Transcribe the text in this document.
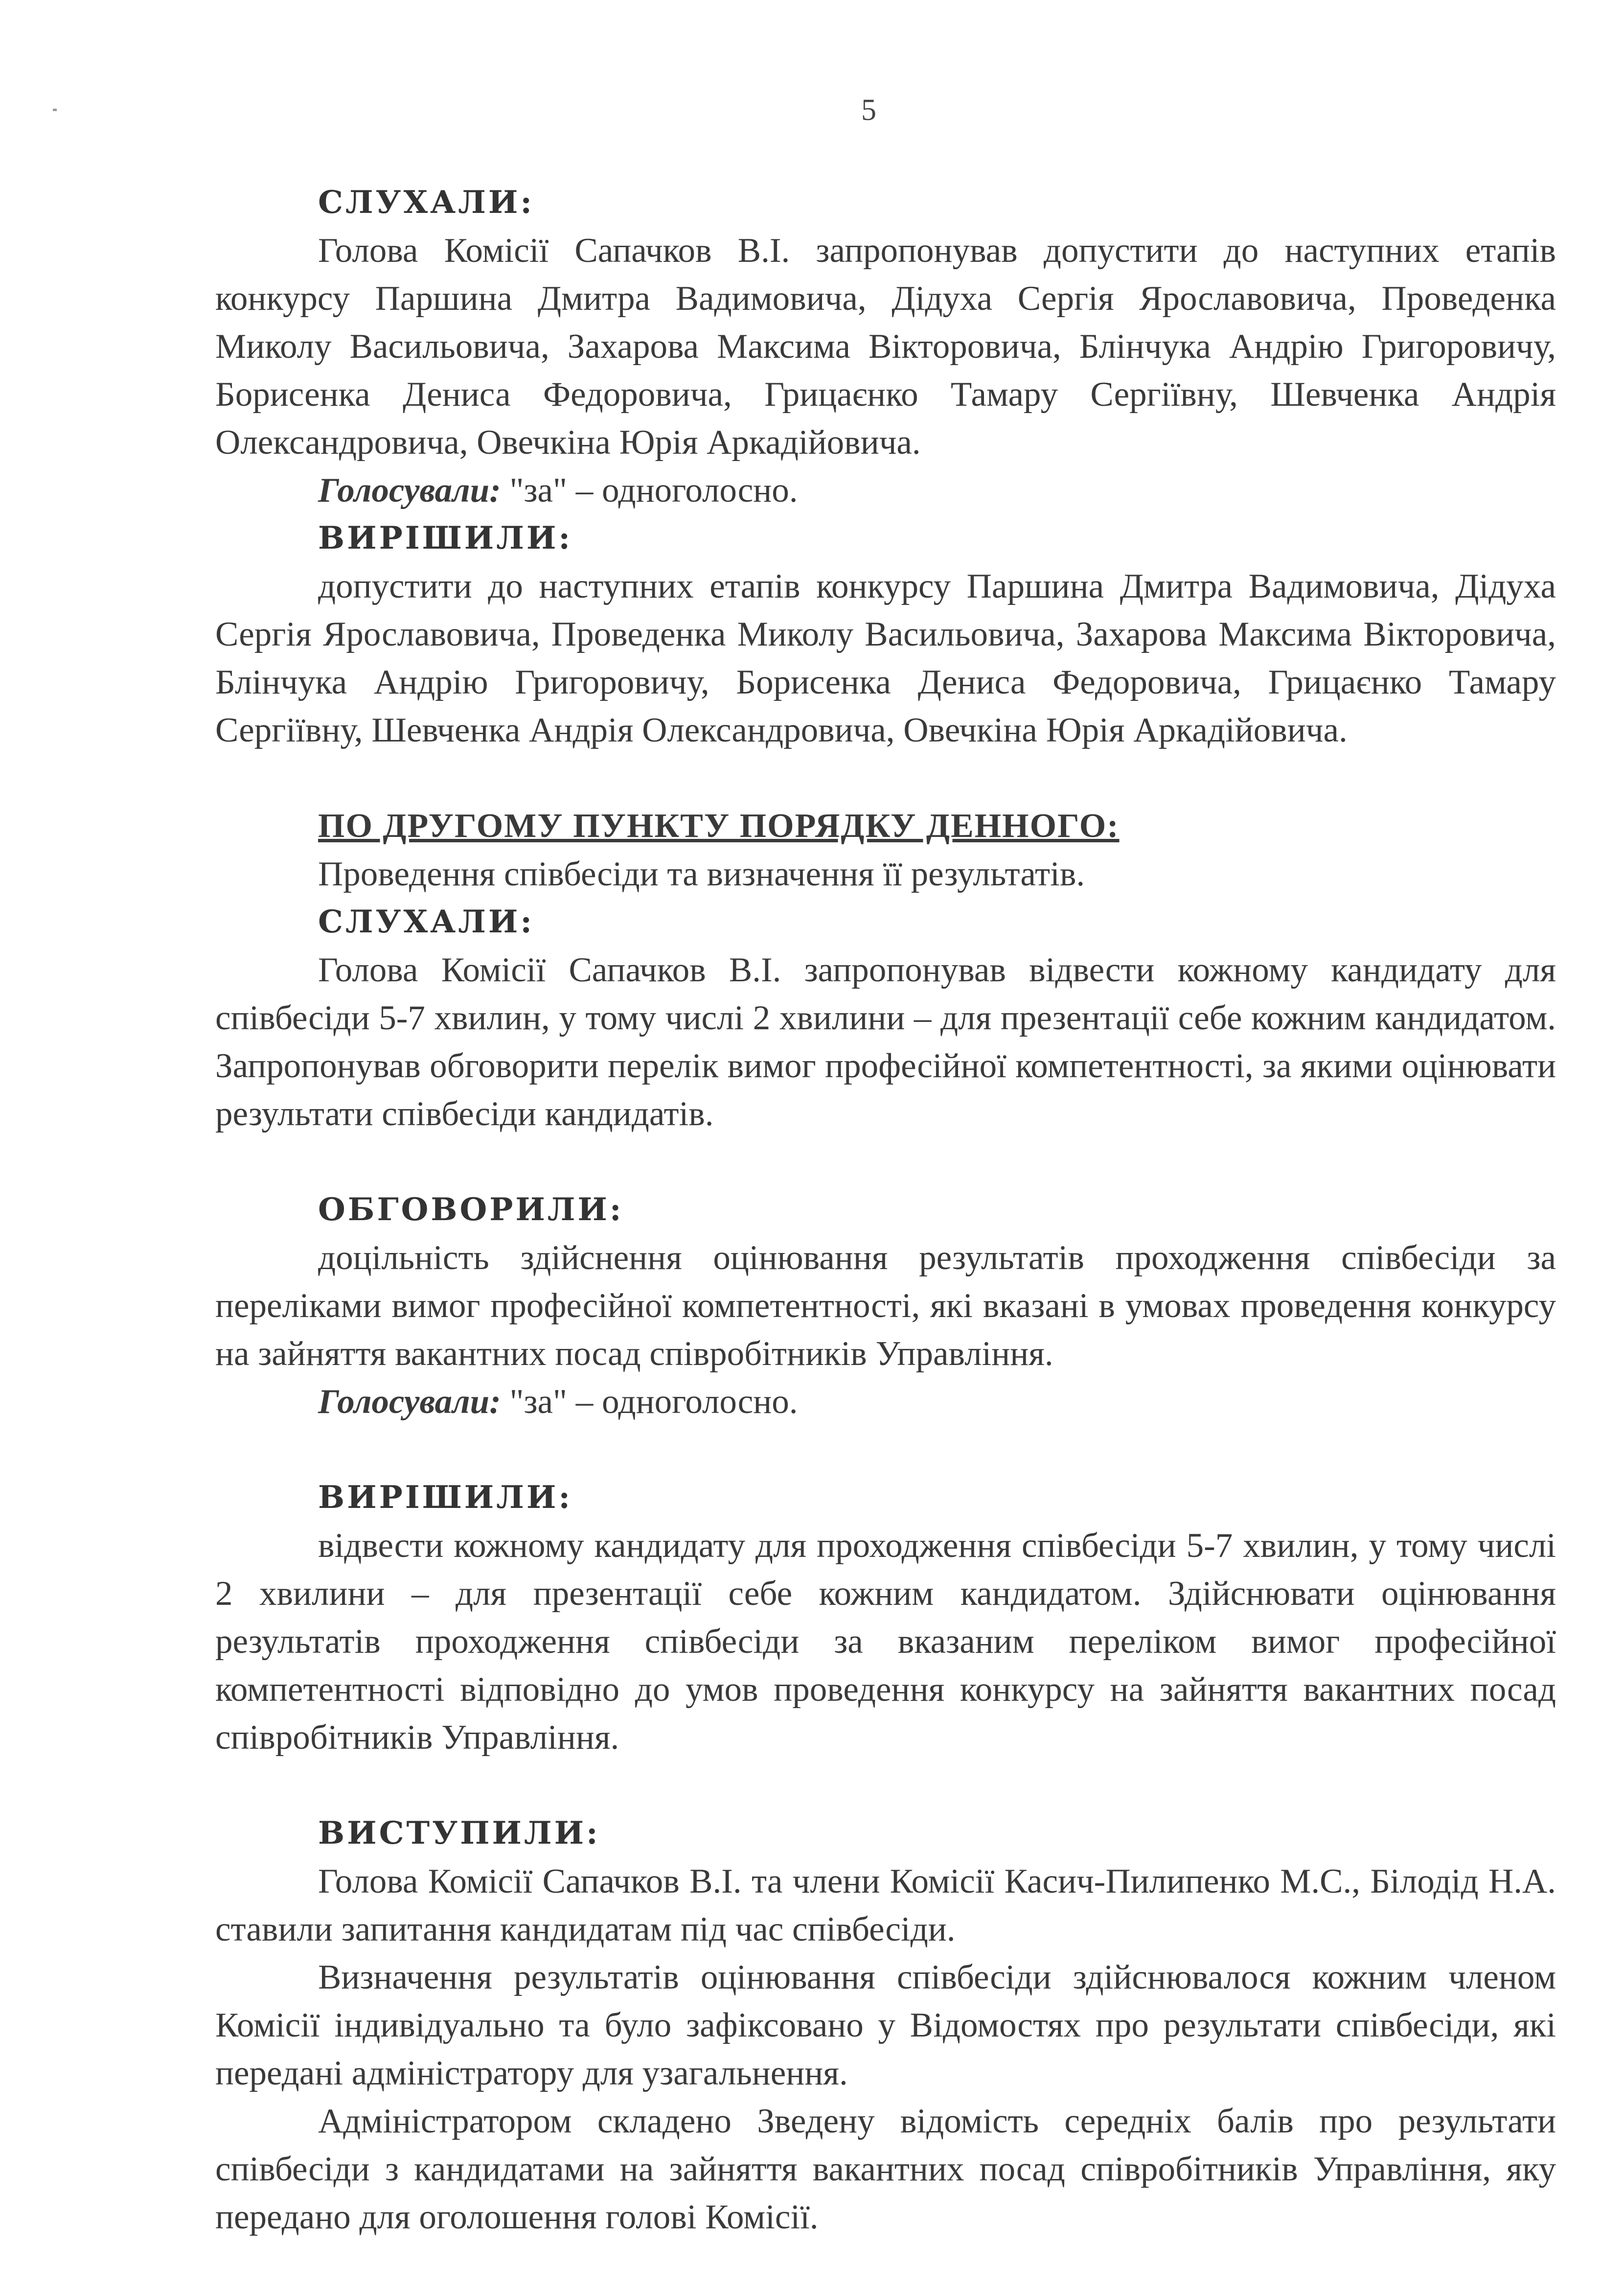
5
СЛУХАЛИ:

Голова Комісії Сапачков В.І. запропонував допустити до наступних етапів конкурсу Паршина Дмитра Вадимовича, Дідуха Сергія Ярославовича, Проведенка Миколу Васильовича, Захарова Максима Вікторовича, Блінчука Андрію Григоровичу, Борисенка Дениса Федоровича, Грицаєнко Тамару Сергіївну, Шевченка Андрія Олександровича, Овечкіна Юрія Аркадійовича.

Голосували: "за" – одноголосно.
ВИРІШИЛИ:

допустити до наступних етапів конкурсу Паршина Дмитра Вадимовича, Дідуха Сергія Ярославовича, Проведенка Миколу Васильовича, Захарова Максима Вікторовича, Блінчука Андрію Григоровичу, Борисенка Дениса Федоровича, Грицаєнко Тамару Сергіївну, Шевченка Андрія Олександровича, Овечкіна Юрія Аркадійовича.

ПО ДРУГОМУ ПУНКТУ ПОРЯДКУ ДЕННОГО:
Проведення співбесіди та визначення її результатів.
СЛУХАЛИ:

Голова Комісії Сапачков В.І. запропонував відвести кожному кандидату для співбесіди 5-7 хвилин, у тому числі 2 хвилини – для презентації себе кожним кандидатом. Запропонував обговорити перелік вимог професійної компетентності, за якими оцінювати результати співбесіди кандидатів.

ОБГОВОРИЛИ:

доцільність здійснення оцінювання результатів проходження співбесіди за переліками вимог професійної компетентності, які вказані в умовах проведення конкурсу на зайняття вакантних посад співробітників Управління.

Голосували: "за" – одноголосно.
ВИРІШИЛИ:

відвести кожному кандидату для проходження співбесіди 5-7 хвилин, у тому числі 2 хвилини – для презентації себе кожним кандидатом. Здійснювати оцінювання результатів проходження співбесіди за вказаним переліком вимог професійної компетентності відповідно до умов проведення конкурсу на зайняття вакантних посад співробітників Управління.

ВИСТУПИЛИ:

Голова Комісії Сапачков В.І. та члени Комісії Касич-Пилипенко М.С., Білодід Н.А. ставили запитання кандидатам під час співбесіди.

Визначення результатів оцінювання співбесіди здійснювалося кожним членом Комісії індивідуально та було зафіксовано у Відомостях про результати співбесіди, які передані адміністратору для узагальнення.

Адміністратором складено Зведену відомість середніх балів про результати співбесіди з кандидатами на зайняття вакантних посад співробітників Управління, яку передано для оголошення голові Комісії.
